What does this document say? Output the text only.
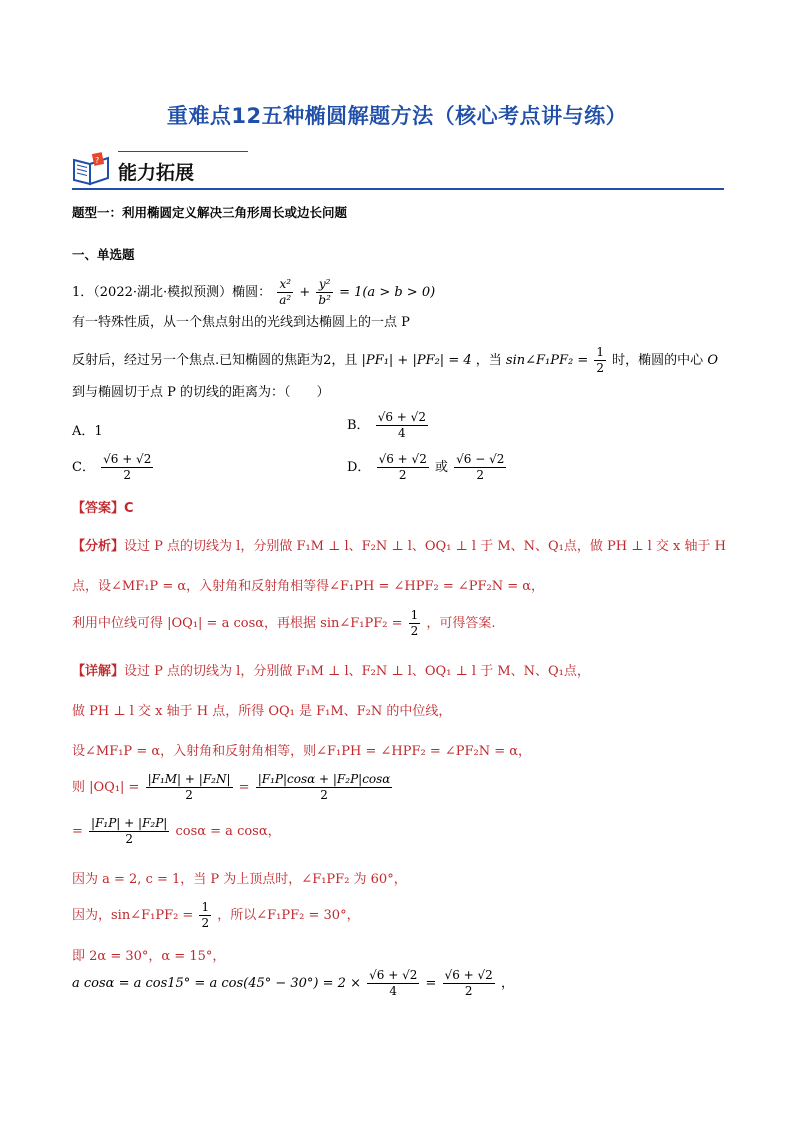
重难点12五种椭圆解题方法（核心考点讲与练）
?
能力拓展
题型一：利用椭圆定义解决三角形周长或边长问题
一、单选题
1．（2022·湖北·模拟预测）椭圆： $\frac{\text{x²}}{\text{a²}} + \frac{\text{y²}}{\text{b²}} = 1(a > b > 0)$
有一特殊性质，从一个焦点射出的光线到达椭圆上的一点 P
反射后，经过另一个焦点.已知椭圆的焦距为2，且 |PF₁| + |PF₂| = 4 ，当 sin∠F₁PF₂ = $\frac{1}{2}$ 时，椭圆的中心 O
到与椭圆切于点 P 的切线的距离为：（　　）
A．1	B． $\frac{√6 + √2}{4}$
C． $\frac{√6 + √2}{2}$	D． $\frac{√6 + √2}{2}$ 或 $\frac{√6 - √2}{2}$
【答案】C
【分析】设过 P 点的切线为 l，分别做 F₁M ⊥ l、F₂N ⊥ l、OQ₁ ⊥ l 于 M、N、Q₁点，做 PH ⊥ l 交 x 轴于 H
点，设∠MF₁P = α，入射角和反射角相等得∠F₁PH = ∠HPF₂ = ∠PF₂N = α，
利用中位线可得 |OQ₁| = a cosα，再根据 sin∠F₁PF₂ = $\frac{1}{2}$ ，可得答案.
【详解】设过 P 点的切线为 l，分别做 F₁M ⊥ l、F₂N ⊥ l、OQ₁ ⊥ l 于 M、N、Q₁点，
做 PH ⊥ l 交 x 轴于 H 点，所得 OQ₁ 是 F₁M、F₂N 的中位线，
设∠MF₁P = α，入射角和反射角相等，则∠F₁PH = ∠HPF₂ = ∠PF₂N = α，
则 $|OQ_1| = \frac{\text{|F₁M| + |F₂N|}}{2} = \frac{\text{|F₁P|cosα + |F₂P|cosα}}{2}$
= $\frac{\text{|F₁P| + |F₂P|}}{2}$ cosα = a cosα，
因为 a = 2, c = 1，当 P 为上顶点时，∠F₁PF₂ 为 60°，
因为，sin∠F₁PF₂ = $\frac{1}{2}$ ，所以∠F₁PF₂ = 30°，
即 2α = 30°，α = 15°，
a cosα = a cos15° = a $\cos(45^\circ - 30^\circ) = 2 \times \frac{√6 + √2}{4} = \frac{√6 + √2}{2}$ ，
